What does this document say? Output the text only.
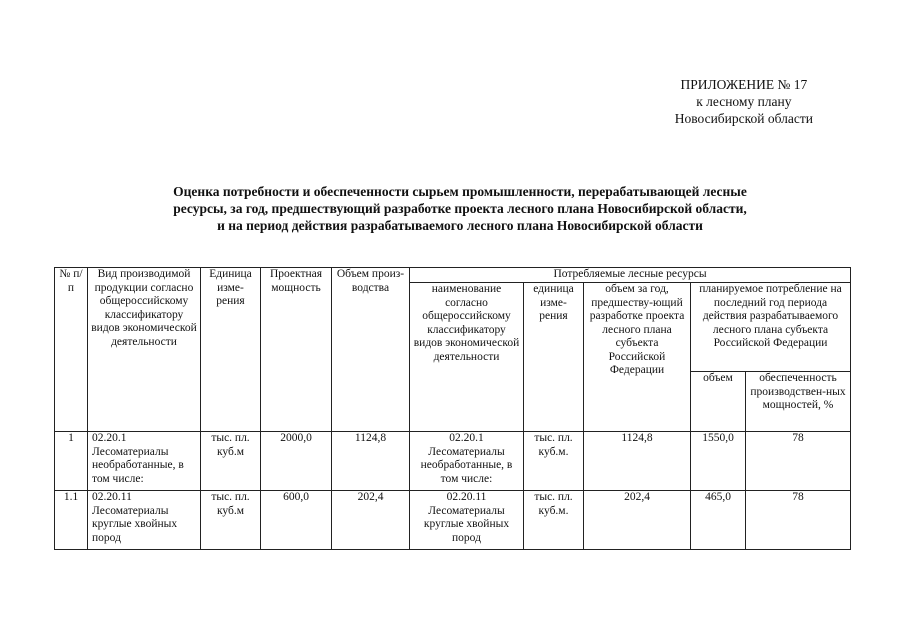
ПРИЛОЖЕНИЕ № 17
к лесному плану
Новосибирской области
Оценка потребности и обеспеченности сырьем промышленности, перерабатывающей лесные
ресурсы, за год, предшествующий разработке проекта лесного плана Новосибирской области,
и на период действия разрабатываемого лесного плана Новосибирской области
№ п/п	Вид производимой продукции согласно общероссийскому классификатору видов экономической деятельности	Единица изме-рения	Проектная мощность	Объем произ-водства	Потребляемые лесные ресурсы				
					наименование согласно общероссийскому классификатору видов экономической деятельности	единица изме-рения	объем за год, предшеству-ющий разработке проекта лесного плана субъекта Российской Федерации	планируемое потребление на последний год периода действия разрабатываемого лесного плана субъекта Российской Федерации	
								объем	обеспеченность производствен-ных мощностей, %
1	02.20.1 Лесоматериалы необработанные, в том числе:	тыс. пл. куб.м	2000,0	1124,8	02.20.1 Лесоматериалы необработанные, в том числе:	тыс. пл. куб.м.	1124,8	1550,0	78
1.1	02.20.11 Лесоматериалы круглые хвойных пород	тыс. пл. куб.м	600,0	202,4	02.20.11 Лесоматериалы круглые хвойных пород	тыс. пл. куб.м.	202,4	465,0	78
